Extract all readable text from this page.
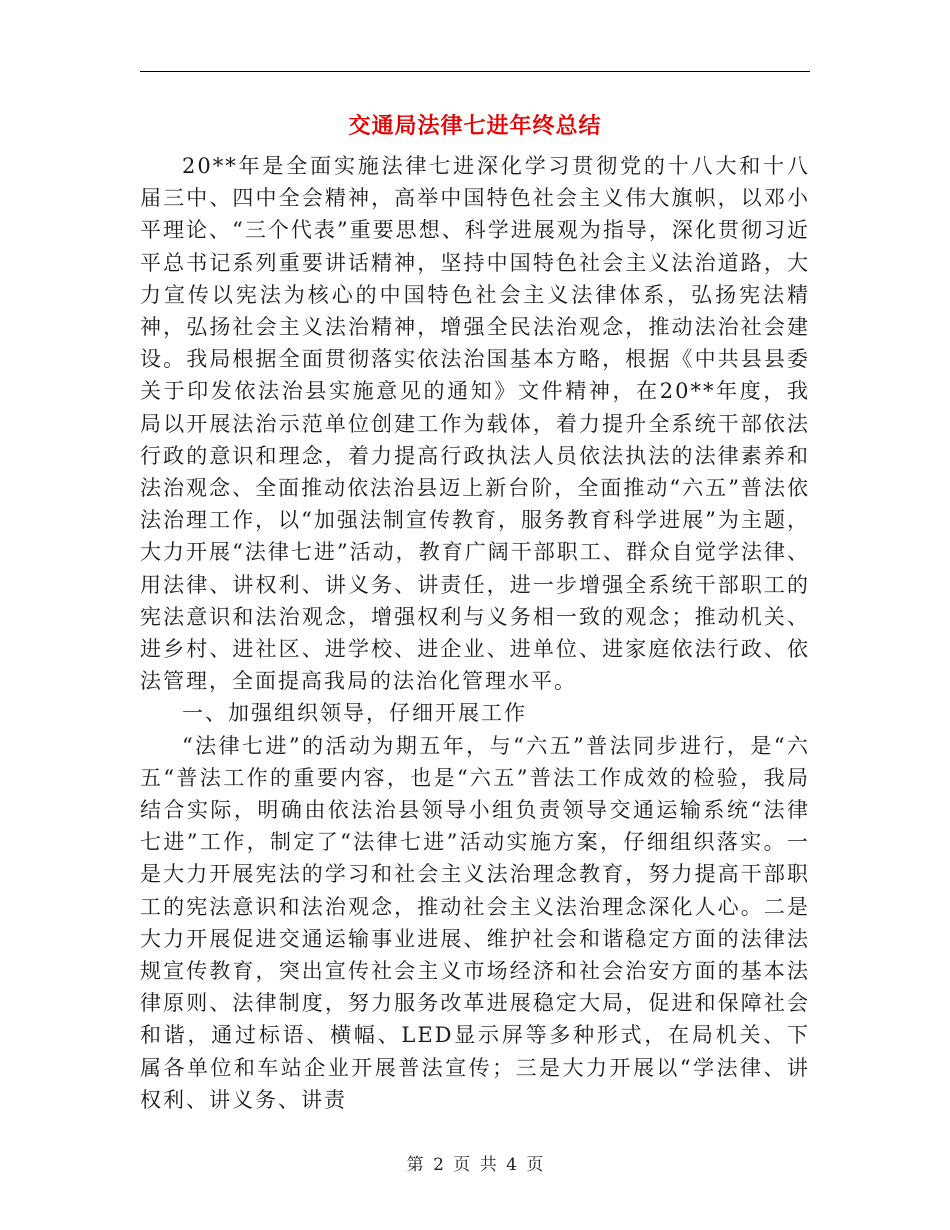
交通局法律七进年终总结

20**年是全面实施法律七进深化学习贯彻党的十八大和十八届三中、四中全会精神，高举中国特色社会主义伟大旗帜，以邓小平理论、“三个代表”重要思想、科学进展观为指导，深化贯彻习近平总书记系列重要讲话精神，坚持中国特色社会主义法治道路，大力宣传以宪法为核心的中国特色社会主义法律体系，弘扬宪法精神，弘扬社会主义法治精神，增强全民法治观念，推动法治社会建设。我局根据全面贯彻落实依法治国基本方略，根据《中共县县委关于印发依法治县实施意见的通知》文件精神，在20**年度，我局以开展法治示范单位创建工作为载体，着力提升全系统干部依法行政的意识和理念，着力提高行政执法人员依法执法的法律素养和法治观念、全面推动依法治县迈上新台阶，全面推动“六五”普法依法治理工作，以“加强法制宣传教育，服务教育科学进展”为主题，大力开展“法律七进”活动，教育广阔干部职工、群众自觉学法律、用法律、讲权利、讲义务、讲责任，进一步增强全系统干部职工的宪法意识和法治观念，增强权利与义务相一致的观念；推动机关、进乡村、进社区、进学校、进企业、进单位、进家庭依法行政、依法管理，全面提高我局的法治化管理水平。

一、加强组织领导，仔细开展工作

“法律七进”的活动为期五年，与“六五”普法同步进行，是“六五“普法工作的重要内容，也是“六五”普法工作成效的检验，我局结合实际，明确由依法治县领导小组负责领导交通运输系统“法律七进”工作，制定了“法律七进”活动实施方案，仔细组织落实。一是大力开展宪法的学习和社会主义法治理念教育，努力提高干部职工的宪法意识和法治观念，推动社会主义法治理念深化人心。二是大力开展促进交通运输事业进展、维护社会和谐稳定方面的法律法规宣传教育，突出宣传社会主义市场经济和社会治安方面的基本法律原则、法律制度，努力服务改革进展稳定大局，促进和保障社会和谐，通过标语、横幅、LED显示屏等多种形式，在局机关、下属各单位和车站企业开展普法宣传；三是大力开展以“学法律、讲权利、讲义务、讲责

第 2 页 共 4 页
